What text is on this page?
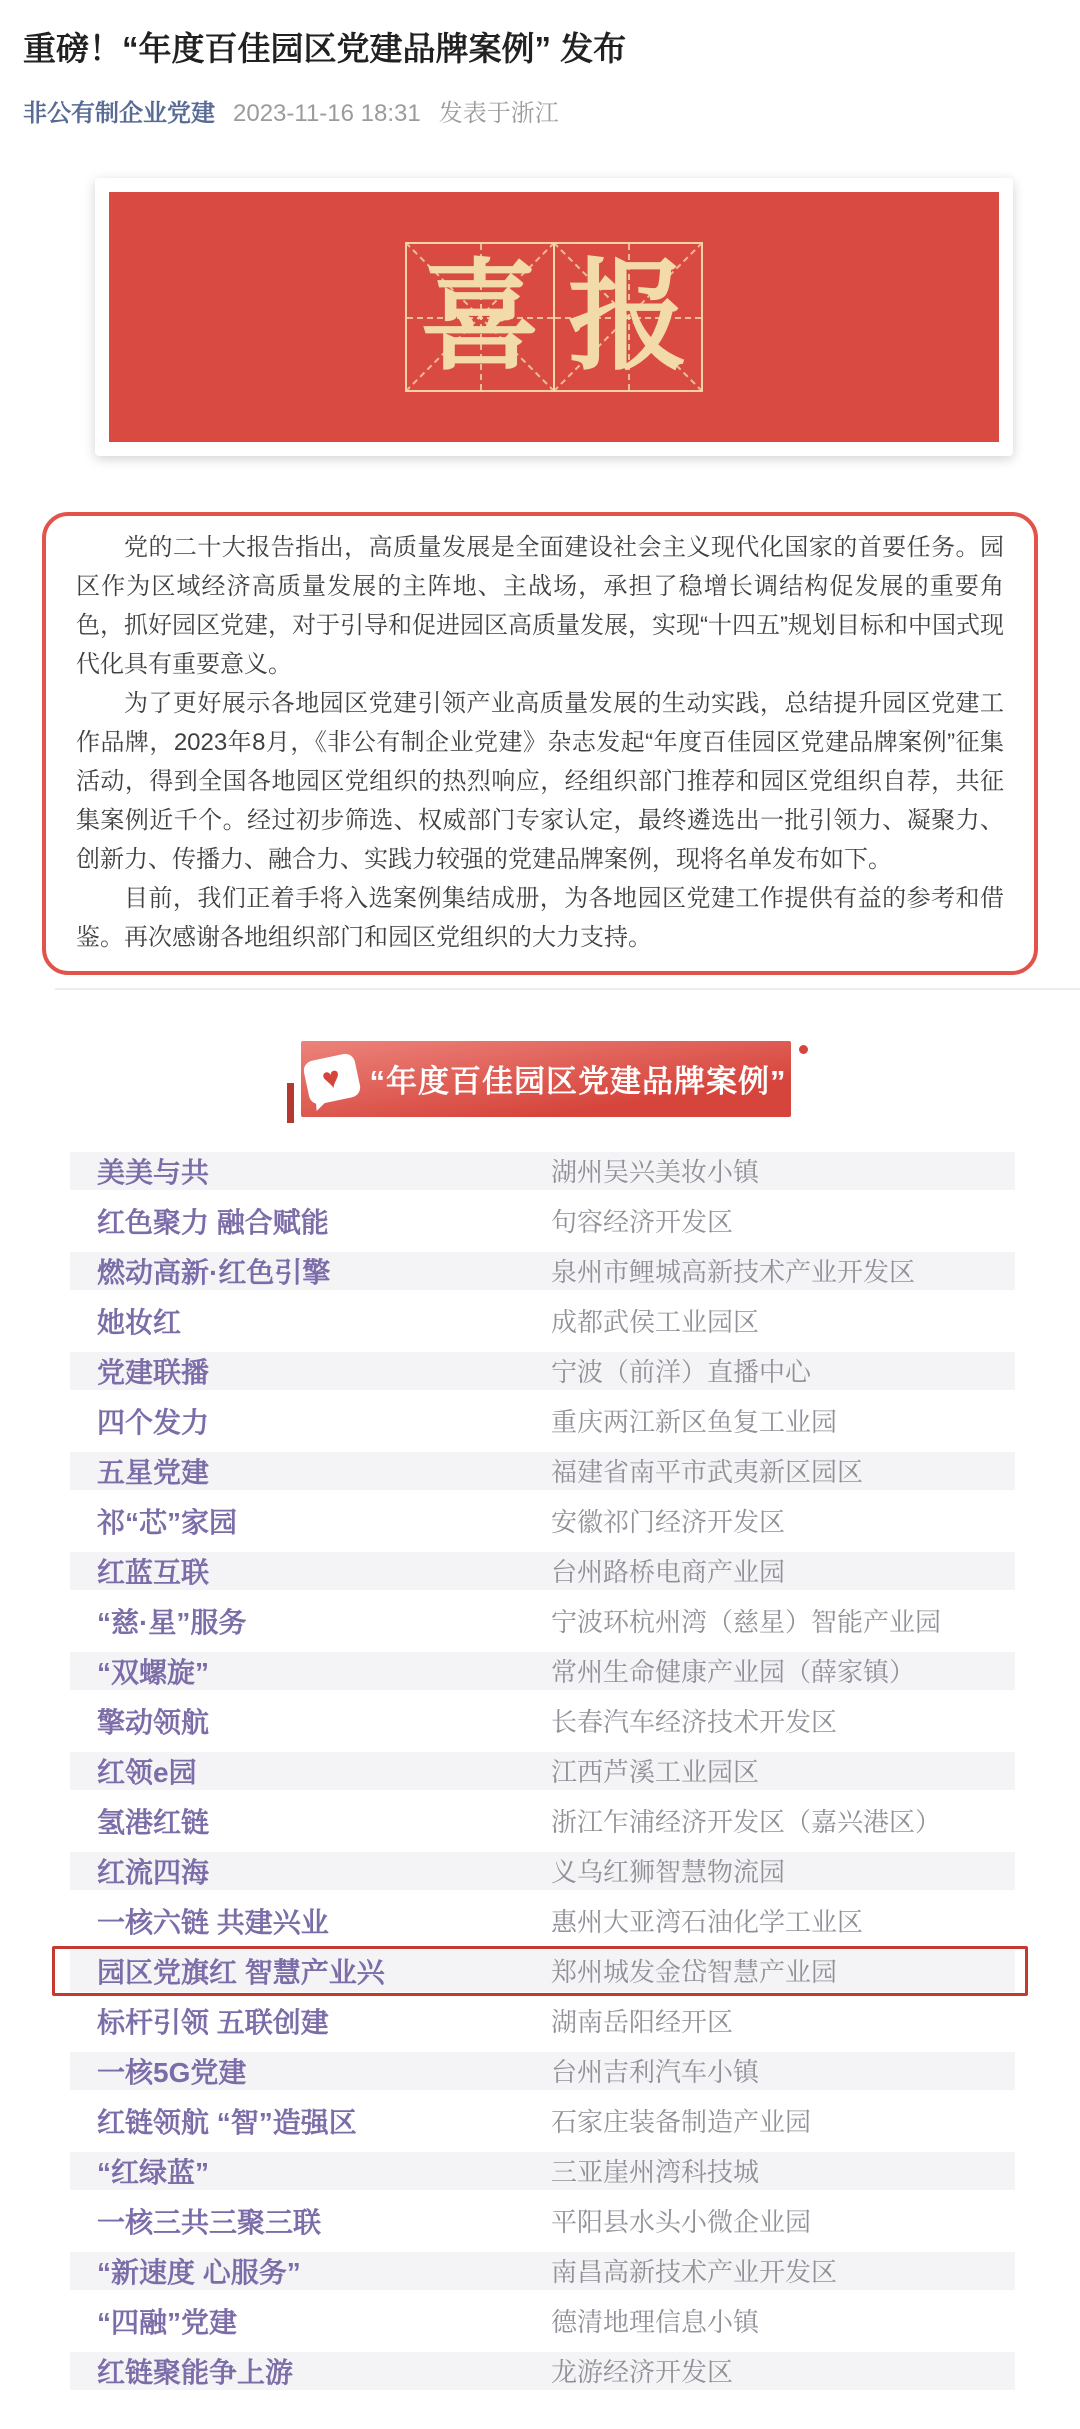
重磅！“年度百佳园区党建品牌案例” 发布
非公有制企业党建 2023-11-16 18:31 发表于浙江
喜 报

党的二十大报告指出，高质量发展是全面建设社会主义现代化国家的首要任务。园区作为区域经济高质量发展的主阵地、主战场，承担了稳增长调结构促发展的重要角色，抓好园区党建，对于引导和促进园区高质量发展，实现“十四五”规划目标和中国式现代化具有重要意义。

为了更好展示各地园区党建引领产业高质量发展的生动实践，总结提升园区党建工作品牌，2023年8月，《非公有制企业党建》杂志发起“年度百佳园区党建品牌案例”征集活动，得到全国各地园区党组织的热烈响应，经组织部门推荐和园区党组织自荐，共征集案例近千个。经过初步筛选、权威部门专家认定，最终遴选出一批引领力、凝聚力、创新力、传播力、融合力、实践力较强的党建品牌案例，现将名单发布如下。

目前，我们正着手将入选案例集结成册，为各地园区党建工作提供有益的参考和借鉴。再次感谢各地组织部门和园区党组织的大力支持。

♥ “年度百佳园区党建品牌案例”
美美与共	湖州吴兴美妆小镇
红色聚力 融合赋能	句容经济开发区
燃动高新·红色引擎	泉州市鲤城高新技术产业开发区
她妆红	成都武侯工业园区
党建联播	宁波（前洋）直播中心
四个发力	重庆两江新区鱼复工业园
五星党建	福建省南平市武夷新区园区
祁“芯”家园	安徽祁门经济开发区
红蓝互联	台州路桥电商产业园
“慈·星”服务	宁波环杭州湾（慈星）智能产业园
“双螺旋”	常州生命健康产业园（薛家镇）
擎动领航	长春汽车经济技术开发区
红领e园	江西芦溪工业园区
氢港红链	浙江乍浦经济开发区（嘉兴港区）
红流四海	义乌红狮智慧物流园
一核六链 共建兴业	惠州大亚湾石油化学工业区
园区党旗红 智慧产业兴	郑州城发金岱智慧产业园
标杆引领 五联创建	湖南岳阳经开区
一核5G党建	台州吉利汽车小镇
红链领航 “智”造强区	石家庄装备制造产业园
“红绿蓝”	三亚崖州湾科技城
一核三共三聚三联	平阳县水头小微企业园
“新速度 心服务”	南昌高新技术产业开发区
“四融”党建	德清地理信息小镇
红链聚能争上游	龙游经济开发区
